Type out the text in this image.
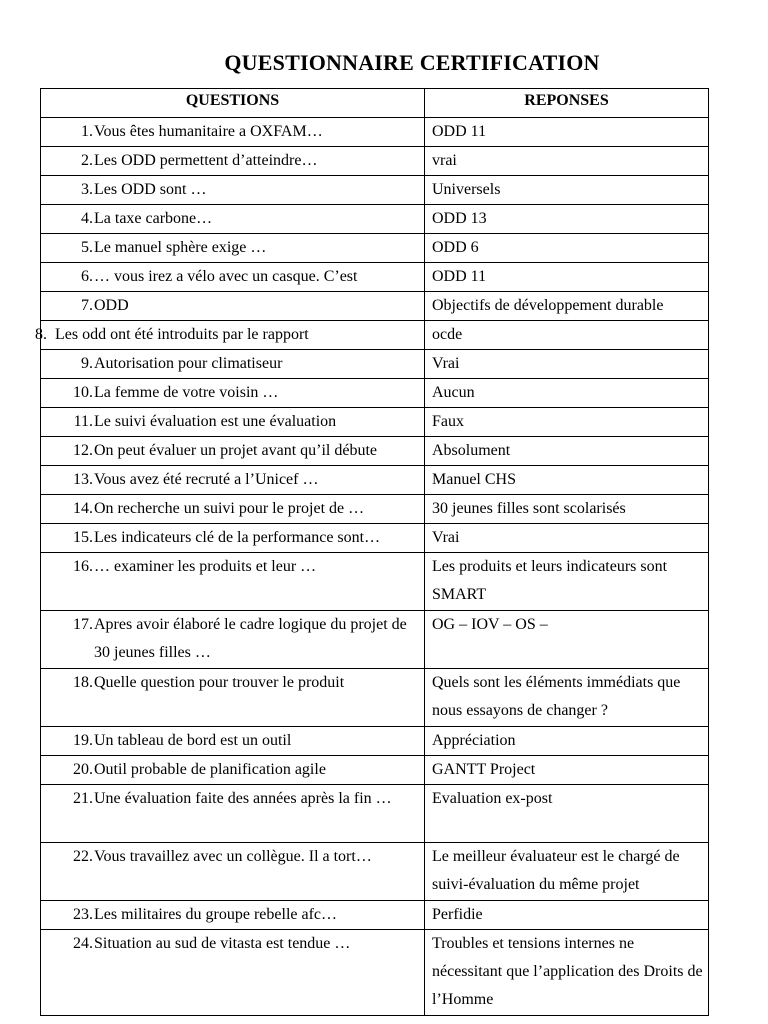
QUESTIONNAIRE CERTIFICATION
QUESTIONS	REPONSES
1. Vous êtes humanitaire a OXFAM…	ODD 11
2. Les ODD permettent d’atteindre…	vrai
3. Les ODD sont …	Universels
4. La taxe carbone…	ODD 13
5. Le manuel sphère exige …	ODD 6
6. … vous irez a vélo avec un casque. C’est	ODD 11
7. ODD	Objectifs de développement durable

8. Les odd ont été introduits par le rapport	ocde
9. Autorisation pour climatiseur	Vrai
10. La femme de votre voisin …	Aucun
11. Le suivi évaluation est une évaluation	Faux
12. On peut évaluer un projet avant qu’il débute	Absolument
13. Vous avez été recruté a l’Unicef …	Manuel CHS
14. On recherche un suivi pour le projet de …	30 jeunes filles sont scolarisés
15. Les indicateurs clé de la performance sont…	Vrai
16. … examiner les produits et leur …	Les produits et leurs indicateurs sont SMART
17. Apres avoir élaboré le cadre logique du projet de 30 jeunes filles …	OG – IOV – OS –
18. Quelle question pour trouver le produit	Quels sont les éléments immédiats que nous essayons de changer ?
19. Un tableau de bord est un outil	Appréciation
20. Outil probable de planification agile	GANTT Project
21. Une évaluation faite des années après la fin …	Evaluation ex-post
22. Vous travaillez avec un collègue. Il a tort…	Le meilleur évaluateur est le chargé de suivi-évaluation du même projet
23. Les militaires du groupe rebelle afc…	Perfidie
24. Situation au sud de vitasta est tendue …	Troubles et tensions internes ne nécessitant que l’application des Droits de l’Homme
